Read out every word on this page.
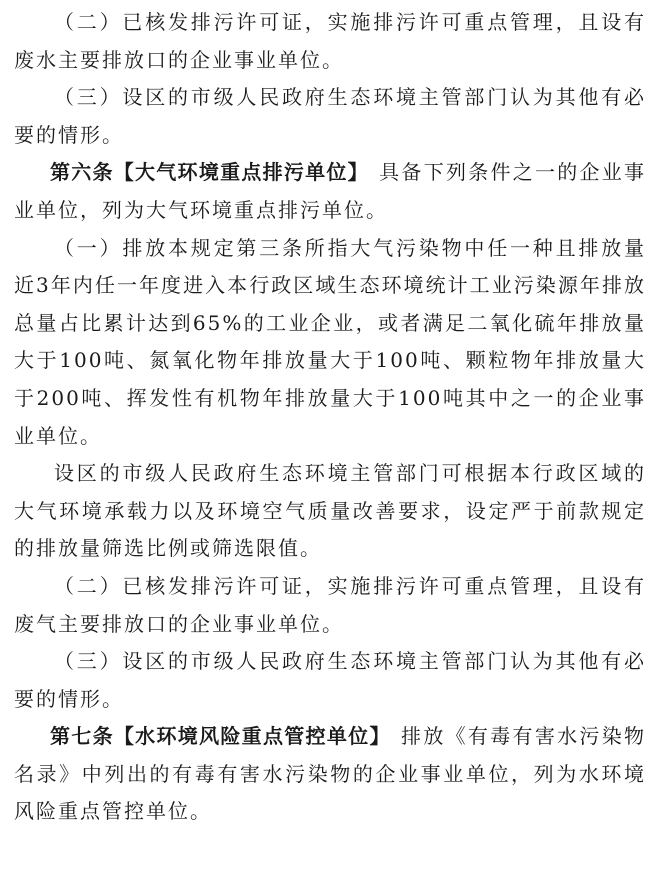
（二）已核发排污许可证，实施排污许可重点管理，且设有废水主要排放口的企业事业单位。

（三）设区的市级人民政府生态环境主管部门认为其他有必要的情形。

第六条【大气环境重点排污单位】　 具备下列条件之一的企业事业单位，列为大气环境重点排污单位。

（一）排放本规定第三条所指大气污染物中任一种且排放量近3年内任一年度进入本行政区域生态环境统计工业污染源年排放总量占比累计达到65%的工业企业，或者满足二氧化硫年排放量大于100吨、氮氧化物年排放量大于100吨、颗粒物年排放量大于200吨、挥发性有机物年排放量大于100吨其中之一的企业事业单位。

设区的市级人民政府生态环境主管部门可根据本行政区域的大气环境承载力以及环境空气质量改善要求，设定严于前款规定的排放量筛选比例或筛选限值。

（二）已核发排污许可证，实施排污许可重点管理，且设有废气主要排放口的企业事业单位。

（三）设区的市级人民政府生态环境主管部门认为其他有必要的情形。

第七条【水环境风险重点管控单位】　 排放《有毒有害水污染物名录》中列出的有毒有害水污染物的企业事业单位，列为水环境风险重点管控单位。
